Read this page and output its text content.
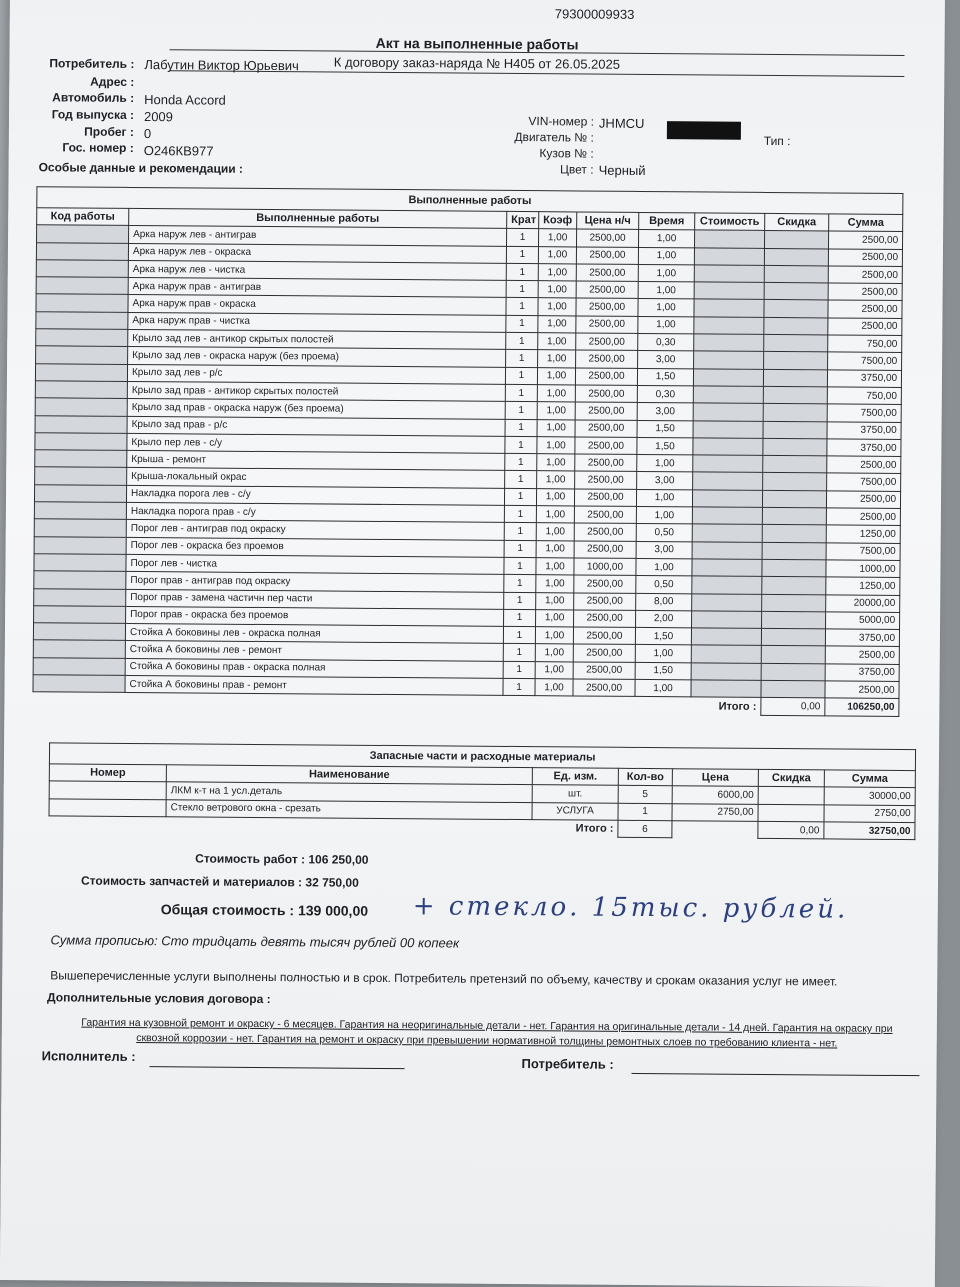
79300009933
Акт на выполненные работы
К договору заказ-наряда № Н405 от 26.05.2025
Потребитель : Лабутин Виктор Юрьевич
Адрес :
Автомобиль : Honda Accord
Год выпуска : 2009
Пробег : 0
Гос. номер : О246КВ977
Особые данные и рекомендации :
VIN-номер : JHMCU
Двигатель № :
Кузов № :
Цвет : Черный
Тип :
Выполненные работы								
Код работы	Выполненные работы	Крат	Коэф	Цена н/ч	Время	Стоимость	Скидка	Сумма
	Арка наруж лев - антиграв	1	1,00	2500,00	1,00			2500,00
	Арка наруж лев - окраска	1	1,00	2500,00	1,00			2500,00
	Арка наруж лев - чистка	1	1,00	2500,00	1,00			2500,00
	Арка наруж прав - антиграв	1	1,00	2500,00	1,00			2500,00
	Арка наруж прав - окраска	1	1,00	2500,00	1,00			2500,00
	Арка наруж прав - чистка	1	1,00	2500,00	1,00			2500,00
	Крыло зад лев - антикор скрытых полостей	1	1,00	2500,00	0,30			750,00
	Крыло зад лев - окраска наруж (без проема)	1	1,00	2500,00	3,00			7500,00
	Крыло зад лев - р/с	1	1,00	2500,00	1,50			3750,00
	Крыло зад прав - антикор скрытых полостей	1	1,00	2500,00	0,30			750,00
	Крыло зад прав - окраска наруж (без проема)	1	1,00	2500,00	3,00			7500,00
	Крыло зад прав - р/с	1	1,00	2500,00	1,50			3750,00
	Крыло пер лев - с/у	1	1,00	2500,00	1,50			3750,00
	Крыша - ремонт	1	1,00	2500,00	1,00			2500,00
	Крыша-локальный окрас	1	1,00	2500,00	3,00			7500,00
	Накладка порога лев - с/у	1	1,00	2500,00	1,00			2500,00
	Накладка порога прав - с/у	1	1,00	2500,00	1,00			2500,00
	Порог лев - антиграв под окраску	1	1,00	2500,00	0,50			1250,00
	Порог лев - окраска без проемов	1	1,00	2500,00	3,00			7500,00
	Порог лев - чистка	1	1,00	1000,00	1,00			1000,00
	Порог прав - антиграв под окраску	1	1,00	2500,00	0,50			1250,00
	Порог прав - замена частичн пер части	1	1,00	2500,00	8,00			20000,00
	Порог прав - окраска без проемов	1	1,00	2500,00	2,00			5000,00
	Стойка А боковины лев - окраска полная	1	1,00	2500,00	1,50			3750,00
	Стойка А боковины лев - ремонт	1	1,00	2500,00	1,00			2500,00
	Стойка А боковины прав - окраска полная	1	1,00	2500,00	1,50			3750,00
	Стойка А боковины прав - ремонт	1	1,00	2500,00	1,00			2500,00
						Итого :	0,00	106250,00
Запасные части и расходные материалы						
Номер	Наименование	Ед. изм.	Кол-во	Цена	Скидка	Сумма
	ЛКМ к-т на 1 усл.деталь	шт.	5	6000,00		30000,00
	Стекло ветрового окна - срезать	УСЛУГА	1	2750,00		2750,00
		Итого :	6		0,00	32750,00
Стоимость работ : 106 250,00
Стоимость запчастей и материалов : 32 750,00
Общая стоимость : 139 000,00 + стекло. 15тыс. рублей.
Сумма прописью: Сто тридцать девять тысяч рублей 00 копеек
Вышеперечисленные услуги выполнены полностью и в срок. Потребитель претензий по объему, качеству и срокам оказания услуг не имеет.
Дополнительные условия договора :
Гарантия на кузовной ремонт и окраску - 6 месяцев. Гарантия на неоригинальные детали - нет. Гарантия на оригинальные детали - 14 дней. Гарантия на окраску при
сквозной коррозии - нет. Гарантия на ремонт и окраску при превышении нормативной толщины ремонтных слоев по требованию клиента - нет.
Исполнитель :	Потребитель :
